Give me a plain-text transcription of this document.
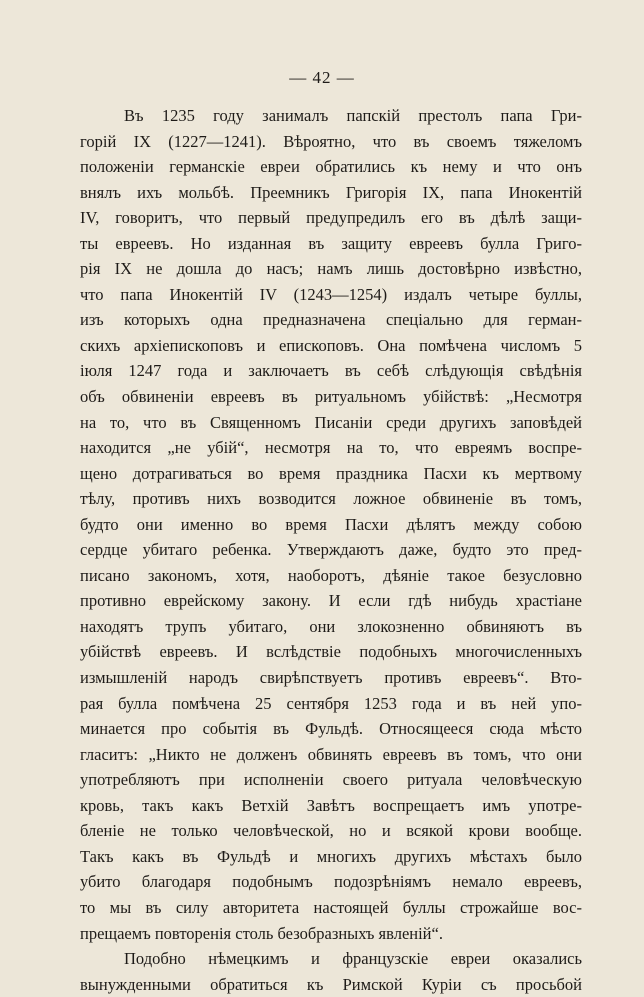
— 42 —
Въ 1235 году занималъ папскій престолъ папа Гри-
горій IX (1227—1241). Вѣроятно, что въ своемъ тяжеломъ
положеніи германскіе евреи обратились къ нему и что онъ
внялъ ихъ мольбѣ. Преемникъ Григорія IX, папа Инокентій
IV, говоритъ, что первый предупредилъ его въ дѣлѣ защи-
ты евреевъ. Но изданная въ защиту евреевъ булла Григо-
рія IX не дошла до насъ; намъ лишь достовѣрно извѣстно,
что папа Инокентій IV (1243—1254) издалъ четыре буллы,
изъ которыхъ одна предназначена спеціально для герман-
скихъ архіепископовъ и епископовъ. Она помѣчена числомъ 5
іюля 1247 года и заключаетъ въ себѣ слѣдующія свѣдѣнія
объ обвиненіи евреевъ въ ритуальномъ убійствѣ: „Несмотря
на то, что въ Священномъ Писаніи среди другихъ заповѣдей
находится „не убій“, несмотря на то, что евреямъ воспре-
щено дотрагиваться во время праздника Пасхи къ мертвому
тѣлу, противъ нихъ возводится ложное обвиненіе въ томъ,
будто они именно во время Пасхи дѣлятъ между собою
сердце убитаго ребенка. Утверждаютъ даже, будто это пред-
писано закономъ, хотя, наоборотъ, дѣяніе такое безусловно
противно еврейскому закону. И если гдѣ нибудь храстіане
находятъ трупъ убитаго, они злокозненно обвиняютъ въ
убійствѣ евреевъ. И вслѣдствіе подобныхъ многочисленныхъ
измышленій народъ свирѣпствуетъ противъ евреевъ“. Вто-
рая булла помѣчена 25 сентября 1253 года и въ ней упо-
минается про событія въ Фульдѣ. Относящееся сюда мѣсто
гласитъ: „Никто не долженъ обвинять евреевъ въ томъ, что они
употребляютъ при исполненіи своего ритуала человѣческую
кровь, такъ какъ Ветхій Завѣтъ воспрещаетъ имъ употре-
бленіе не только человѣческой, но и всякой крови вообще.
Такъ какъ въ Фульдѣ и многихъ другихъ мѣстахъ было
убито благодаря подобнымъ подозрѣніямъ немало евреевъ,
то мы въ силу авторитета настоящей буллы строжайше вос-
прещаемъ повторенія столь безобразныхъ явленій“.
Подобно нѣмецкимъ и французскіе евреи оказались
вынужденными обратиться къ Римской Куріи съ просьбой
